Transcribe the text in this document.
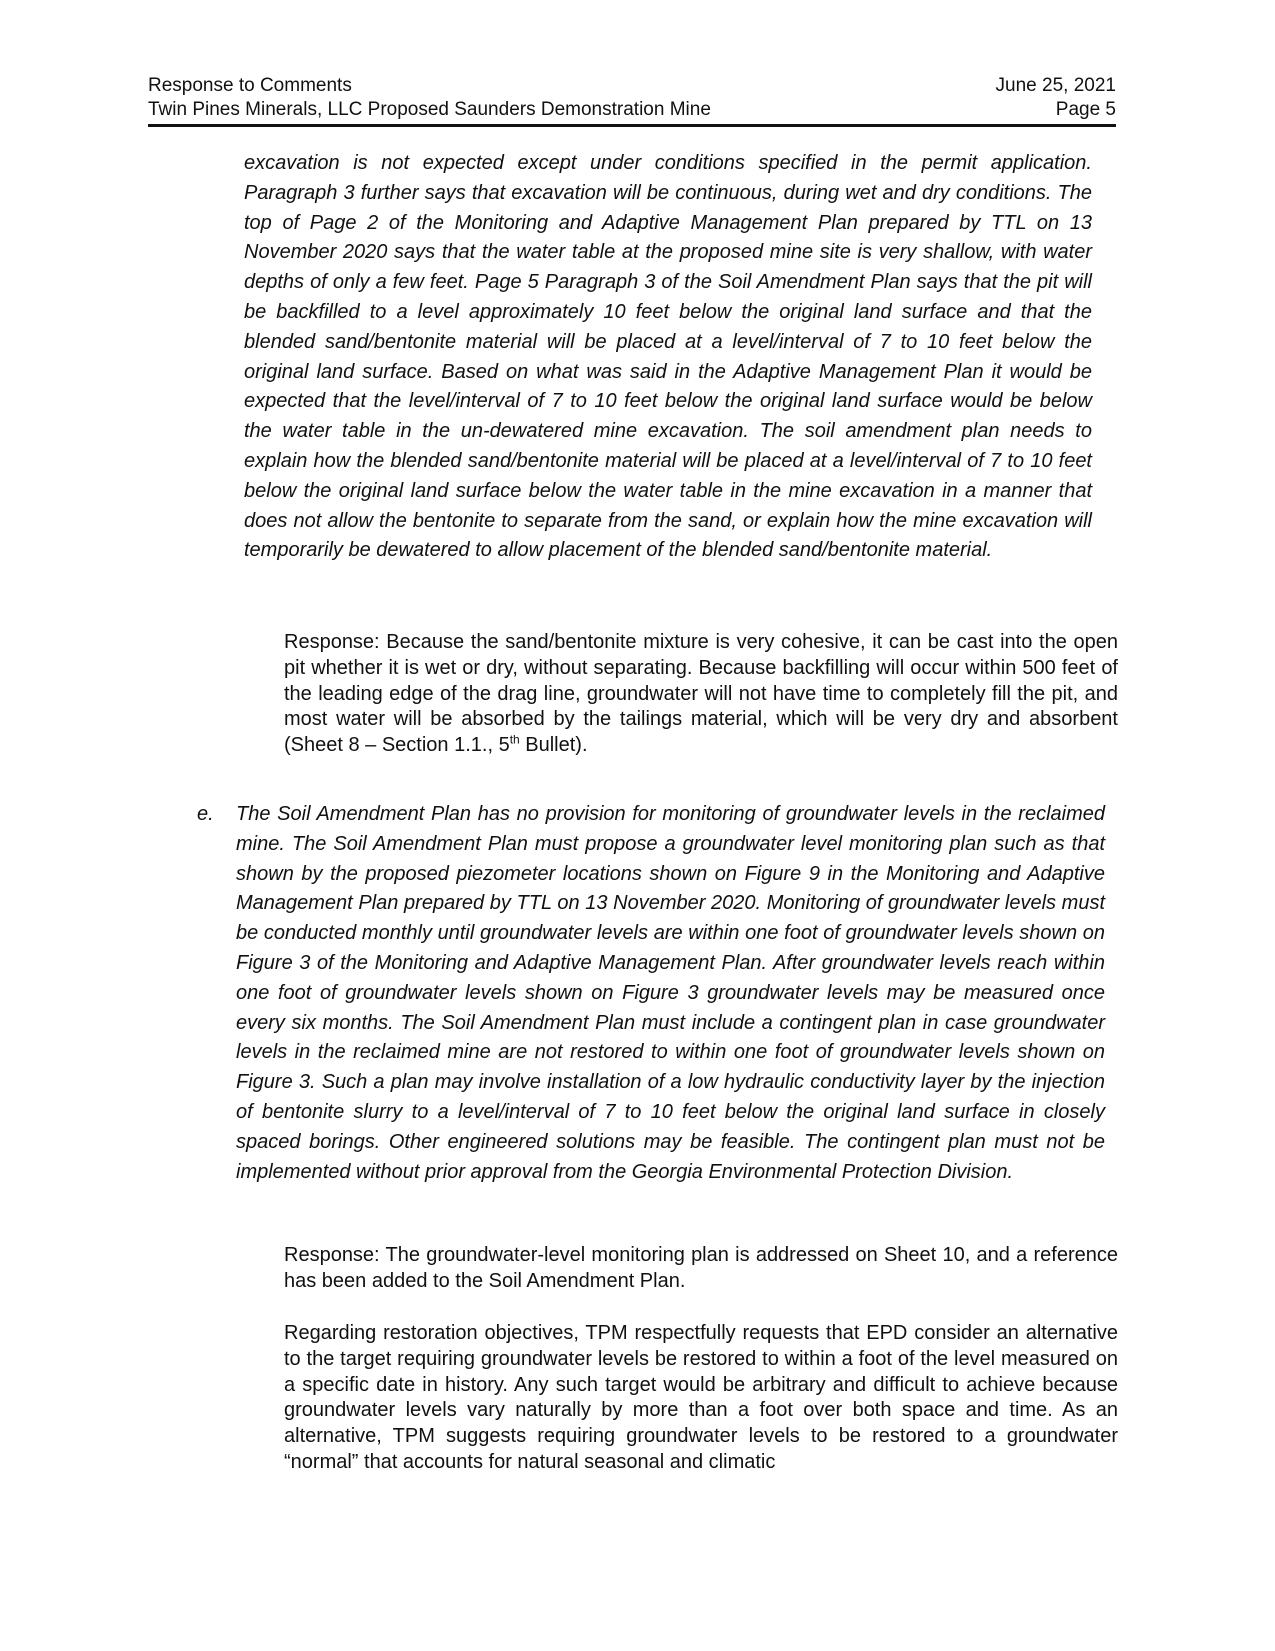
Response to Comments	June 25, 2021
Twin Pines Minerals, LLC Proposed Saunders Demonstration Mine	Page 5

excavation is not expected except under conditions specified in the permit application. Paragraph 3 further says that excavation will be continuous, during wet and dry conditions. The top of Page 2 of the Monitoring and Adaptive Management Plan prepared by TTL on 13 November 2020 says that the water table at the proposed mine site is very shallow, with water depths of only a few feet. Page 5 Paragraph 3 of the Soil Amendment Plan says that the pit will be backfilled to a level approximately 10 feet below the original land surface and that the blended sand/bentonite material will be placed at a level/interval of 7 to 10 feet below the original land surface. Based on what was said in the Adaptive Management Plan it would be expected that the level/interval of 7 to 10 feet below the original land surface would be below the water table in the un-dewatered mine excavation. The soil amendment plan needs to explain how the blended sand/bentonite material will be placed at a level/interval of 7 to 10 feet below the original land surface below the water table in the mine excavation in a manner that does not allow the bentonite to separate from the sand, or explain how the mine excavation will temporarily be dewatered to allow placement of the blended sand/bentonite material.

Response: Because the sand/bentonite mixture is very cohesive, it can be cast into the open pit whether it is wet or dry, without separating. Because backfilling will occur within 500 feet of the leading edge of the drag line, groundwater will not have time to completely fill the pit, and most water will be absorbed by the tailings material, which will be very dry and absorbent (Sheet 8 – Section 1.1., 5th Bullet).

e. The Soil Amendment Plan has no provision for monitoring of groundwater levels in the reclaimed mine. The Soil Amendment Plan must propose a groundwater level monitoring plan such as that shown by the proposed piezometer locations shown on Figure 9 in the Monitoring and Adaptive Management Plan prepared by TTL on 13 November 2020. Monitoring of groundwater levels must be conducted monthly until groundwater levels are within one foot of groundwater levels shown on Figure 3 of the Monitoring and Adaptive Management Plan. After groundwater levels reach within one foot of groundwater levels shown on Figure 3 groundwater levels may be measured once every six months. The Soil Amendment Plan must include a contingent plan in case groundwater levels in the reclaimed mine are not restored to within one foot of groundwater levels shown on Figure 3. Such a plan may involve installation of a low hydraulic conductivity layer by the injection of bentonite slurry to a level/interval of 7 to 10 feet below the original land surface in closely spaced borings. Other engineered solutions may be feasible. The contingent plan must not be implemented without prior approval from the Georgia Environmental Protection Division.

Response: The groundwater-level monitoring plan is addressed on Sheet 10, and a reference has been added to the Soil Amendment Plan.

Regarding restoration objectives, TPM respectfully requests that EPD consider an alternative to the target requiring groundwater levels be restored to within a foot of the level measured on a specific date in history. Any such target would be arbitrary and difficult to achieve because groundwater levels vary naturally by more than a foot over both space and time. As an alternative, TPM suggests requiring groundwater levels to be restored to a groundwater “normal” that accounts for natural seasonal and climatic
